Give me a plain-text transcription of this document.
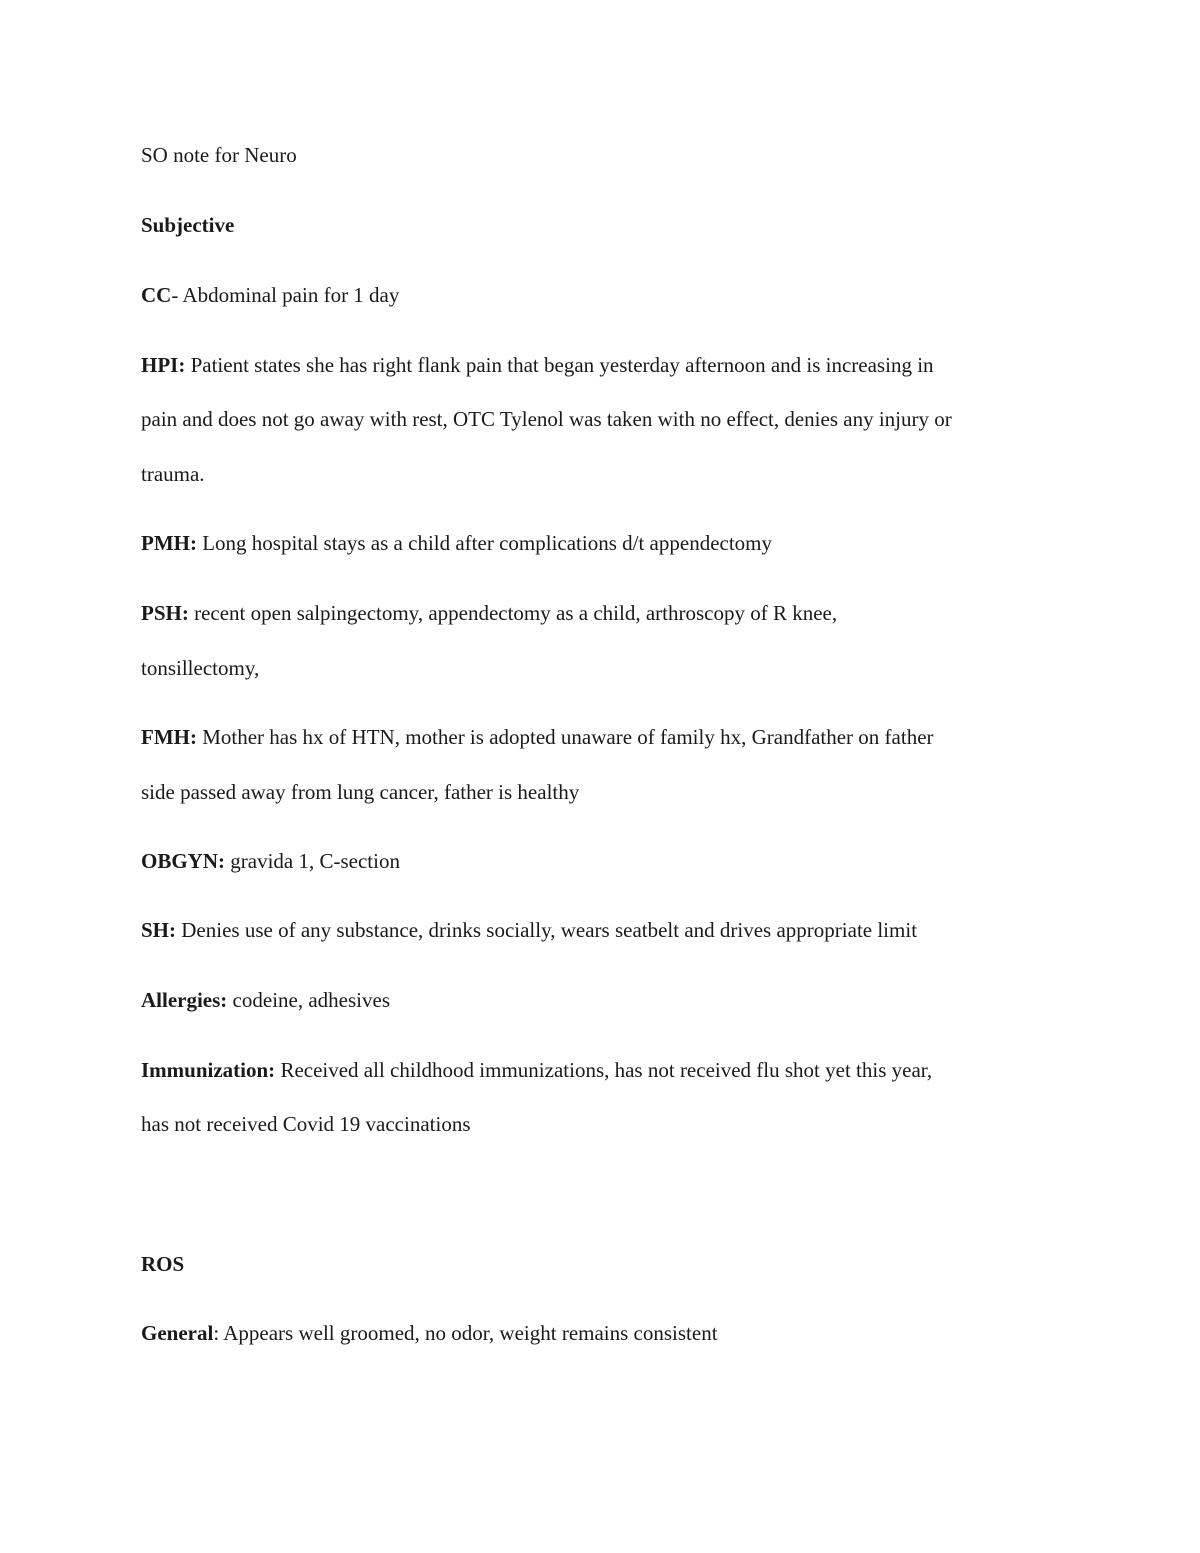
SO note for Neuro
Subjective
CC- Abdominal pain for 1 day
HPI: Patient states she has right flank pain that began yesterday afternoon and is increasing in
pain and does not go away with rest, OTC Tylenol was taken with no effect, denies any injury or
trauma.
PMH: Long hospital stays as a child after complications d/t appendectomy
PSH: recent open salpingectomy, appendectomy as a child, arthroscopy of R knee,
tonsillectomy,
FMH: Mother has hx of HTN, mother is adopted unaware of family hx, Grandfather on father
side passed away from lung cancer, father is healthy
OBGYN: gravida 1, C-section
SH: Denies use of any substance, drinks socially, wears seatbelt and drives appropriate limit
Allergies: codeine, adhesives
Immunization: Received all childhood immunizations, has not received flu shot yet this year,
has not received Covid 19 vaccinations
ROS
General: Appears well groomed, no odor, weight remains consistent
